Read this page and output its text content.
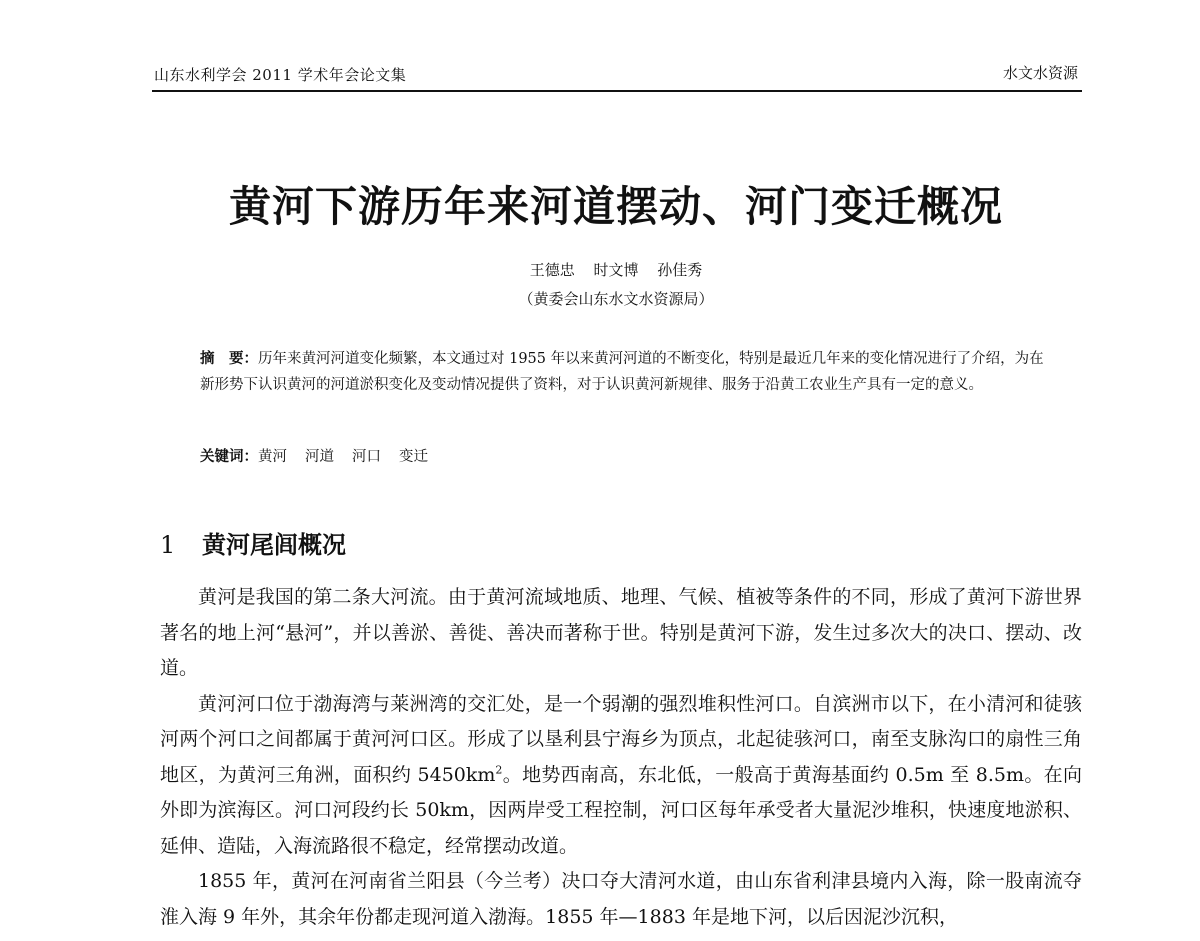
山东水利学会 2011 学术年会论文集	水文水资源
黄河下游历年来河道摆动、河门变迁概况
王德忠 时文博 孙佳秀
（黄委会山东水文水资源局）
摘　要：历年来黄河河道变化频繁，本文通过对 1955 年以来黄河河道的不断变化，特别是最近几年来的变化情况进行了介绍，为在新形势下认识黄河的河道淤积变化及变动情况提供了资料，对于认识黄河新规律、服务于沿黄工农业生产具有一定的意义。
关键词：黄河 河道 河口 变迁
1 黄河尾闾概况

黄河是我国的第二条大河流。由于黄河流域地质、地理、气候、植被等条件的不同，形成了黄河下游世界著名的地上河“悬河”，并以善淤、善徙、善决而著称于世。特别是黄河下游，发生过多次大的决口、摆动、改道。

黄河河口位于渤海湾与莱洲湾的交汇处，是一个弱潮的强烈堆积性河口。自滨洲市以下，在小清河和徒骇河两个河口之间都属于黄河河口区。形成了以垦利县宁海乡为顶点，北起徒骇河口，南至支脉沟口的扇性三角地区，为黄河三角洲，面积约 $5450km^2$。地势西南高，东北低，一般高于黄海基面约 0.5m 至 8.5m。在向外即为滨海区。河口河段约长 50km，因两岸受工程控制，河口区每年承受者大量泥沙堆积，快速度地淤积、延伸、造陆，入海流路很不稳定，经常摆动改道。

1855 年，黄河在河南省兰阳县（今兰考）决口夺大清河水道，由山东省利津县境内入海，除一股南流夺淮入海 9 年外，其余年份都走现河道入渤海。1855 年—1883 年是地下河，以后因泥沙沉积，
